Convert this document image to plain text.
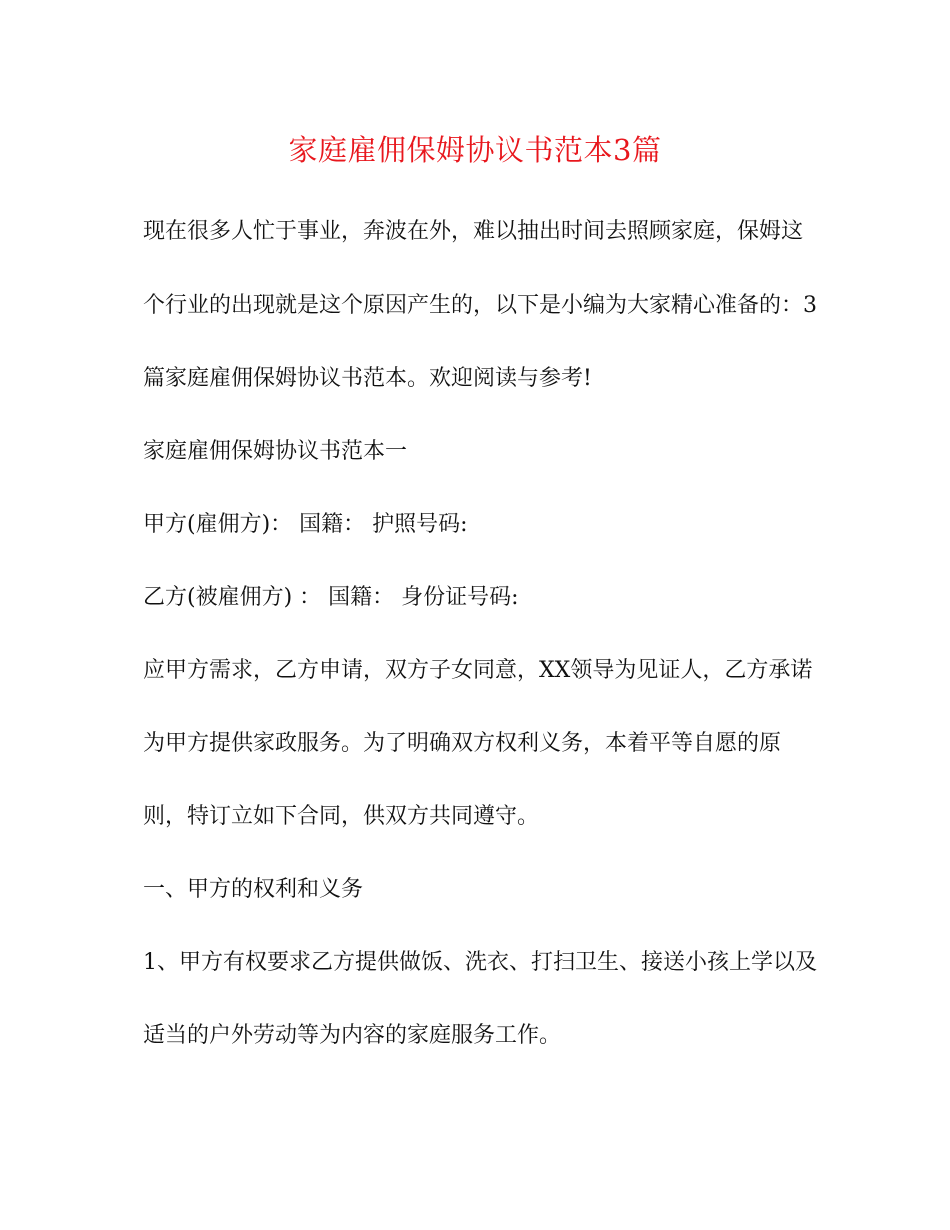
家庭雇佣保姆协议书范本3篇
现在很多人忙于事业，奔波在外，难以抽出时间去照顾家庭，保姆这
个行业的出现就是这个原因产生的，以下是小编为大家精心准备的：3
篇家庭雇佣保姆协议书范本。欢迎阅读与参考!
家庭雇佣保姆协议书范本一
甲方(雇佣方)： 国籍： 护照号码:
乙方(被雇佣方) ： 国籍： 身份证号码:
应甲方需求，乙方申请，双方子女同意，XX领导为见证人，乙方承诺
为甲方提供家政服务。为了明确双方权利义务，本着平等自愿的原
则，特订立如下合同，供双方共同遵守。
一、甲方的权利和义务
1、甲方有权要求乙方提供做饭、洗衣、打扫卫生、接送小孩上学以及
适当的户外劳动等为内容的家庭服务工作。
